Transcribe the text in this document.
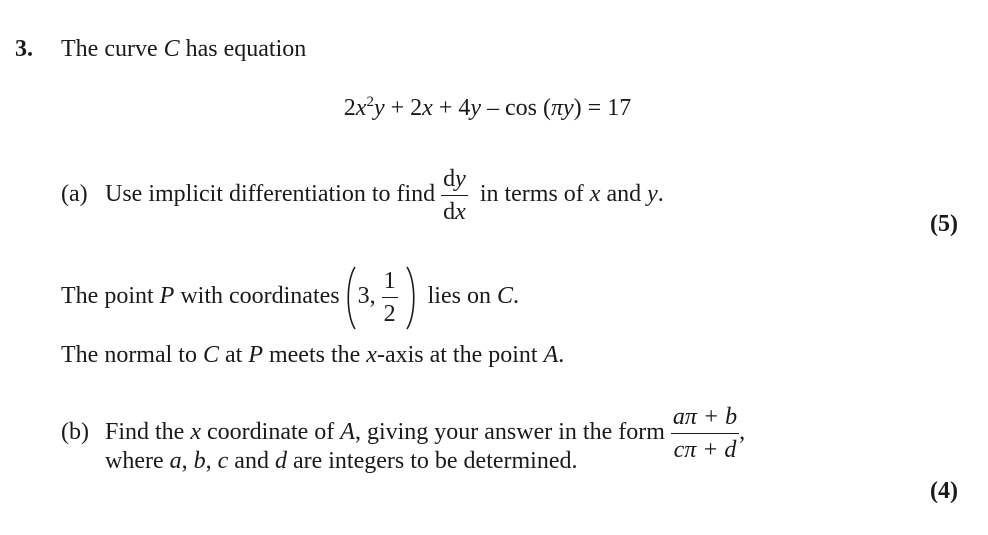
3. The curve C has equation
$2x^2y + 2x + 4y - \cos (\pi y) = 17$
(a) Use implicit differentiation to find $\frac{dy}{dx}$ in terms of x and y.
(5)
The point P with coordinates 3, $\frac{1}{2}$ lies on C.
The normal to C at P meets the x-axis at the point A.
(b) Find the x coordinate of A, giving your answer in the form $\frac{a\pi + b}{c\pi + d}$ ,
where a, b, c and d are integers to be determined.
(4)
